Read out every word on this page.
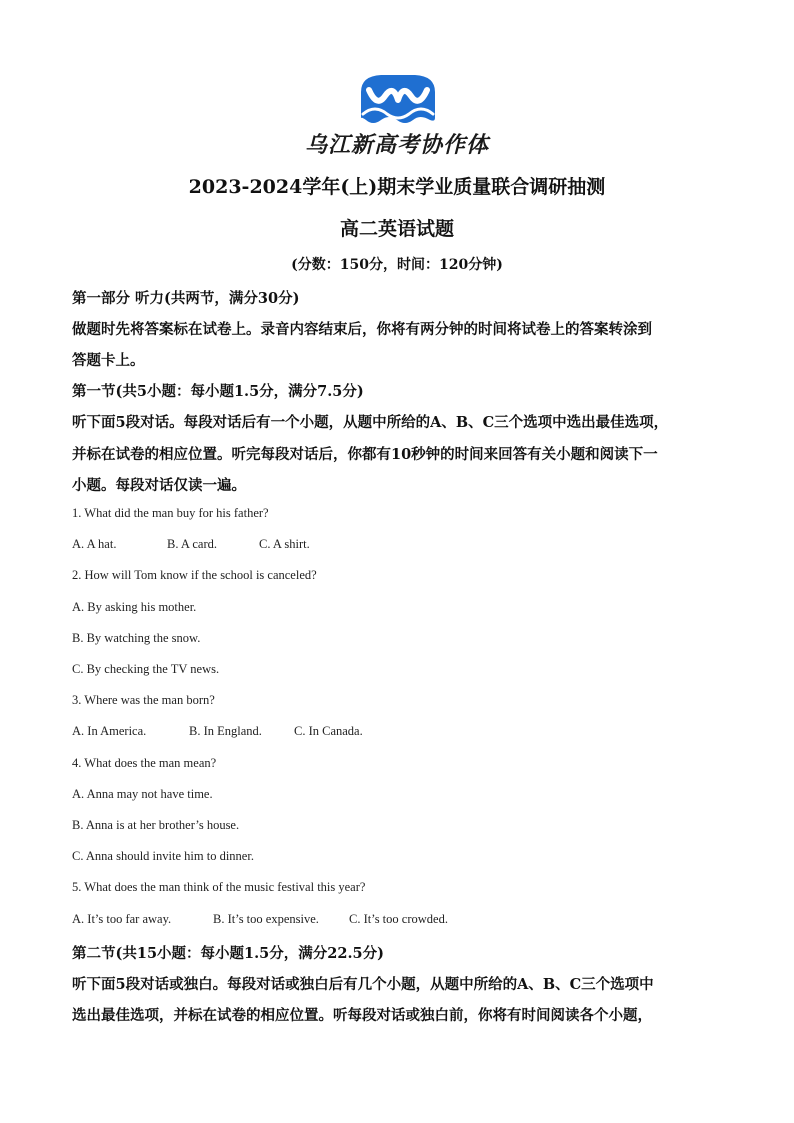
乌江新高考协作体
2023-2024学年(上)期末学业质量联合调研抽测
高二英语试题
(分数：150分，时间：120分钟)
第一部分 听力(共两节，满分30分)
做题时先将答案标在试卷上。录音内容结束后，你将有两分钟的时间将试卷上的答案转涂到
答题卡上。
第一节(共5小题：每小题1.5分，满分7.5分)
听下面5段对话。每段对话后有一个小题，从题中所给的A、B、C三个选项中选出最佳选项，
并标在试卷的相应位置。听完每段对话后，你都有10秒钟的时间来回答有关小题和阅读下一
小题。每段对话仅读一遍。
1. What did the man buy for his father?
A. A hat.	B. A card.	C. A shirt.
2. How will Tom know if the school is canceled?
A. By asking his mother.
B. By watching the snow.
C. By checking the TV news.
3. Where was the man born?
A. In America.	B. In England.	C. In Canada.
4. What does the man mean?
A. Anna may not have time.
B. Anna is at her brother’s house.
C. Anna should invite him to dinner.
5. What does the man think of the music festival this year?
A. It’s too far away.	B. It’s too expensive. C. It’s too crowded.
第二节(共15小题：每小题1.5分，满分22.5分)
听下面5段对话或独白。每段对话或独白后有几个小题，从题中所给的A、B、C三个选项中
选出最佳选项，并标在试卷的相应位置。听每段对话或独白前，你将有时间阅读各个小题，
